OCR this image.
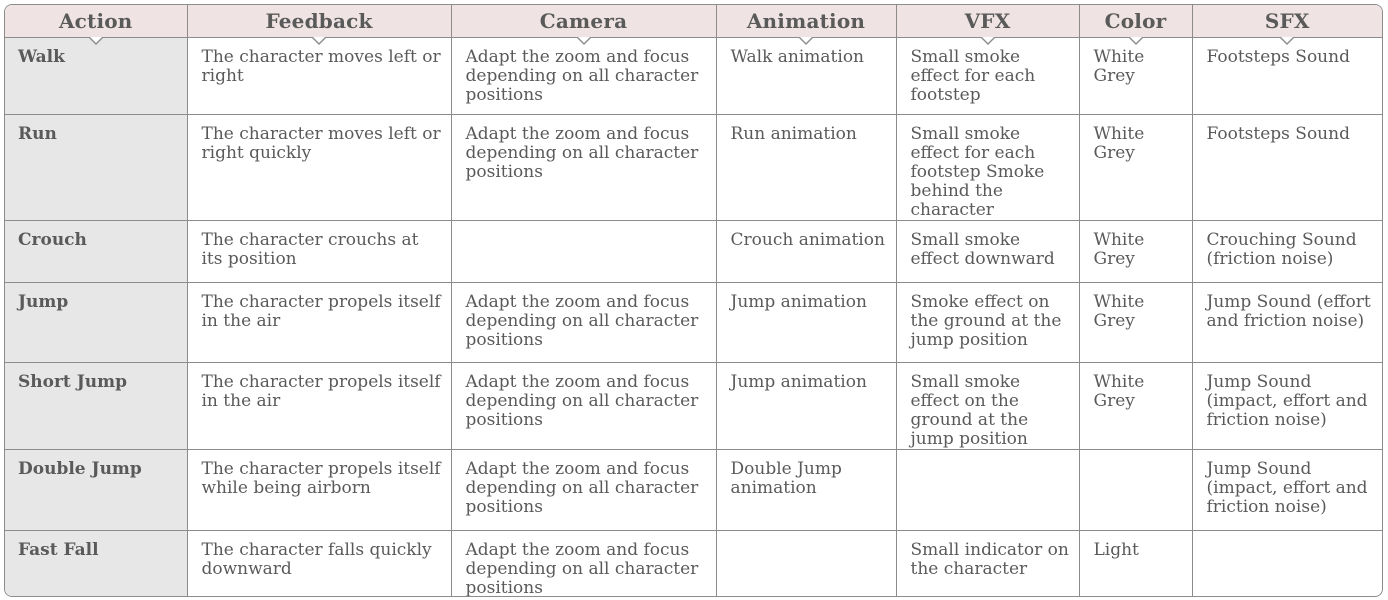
Action	Feedback	Camera	Animation	VFX	Color	SFX
Walk	The character moves left or right	Adapt the zoom and focus depending on all character positions	Walk animation	Small smoke effect for each footstep	White Grey	Footsteps Sound
Run	The character moves left or right quickly	Adapt the zoom and focus depending on all character positions	Run animation	Small smoke effect for each footstep Smoke behind the character	White Grey	Footsteps Sound
Crouch	The character crouchs at its position		Crouch animation	Small smoke effect downward	White Grey	Crouching Sound (friction noise)
Jump	The character propels itself in the air	Adapt the zoom and focus depending on all character positions	Jump animation	Smoke effect on the ground at the jump position	White Grey	Jump Sound (effort and friction noise)
Short Jump	The character propels itself in the air	Adapt the zoom and focus depending on all character positions	Jump animation	Small smoke effect on the ground at the jump position	White Grey	Jump Sound (impact, effort and friction noise)
Double Jump	The character propels itself while being airborn	Adapt the zoom and focus depending on all character positions	Double Jump animation			Jump Sound (impact, effort and friction noise)
Fast Fall	The character falls quickly downward	Adapt the zoom and focus depending on all character positions		Small indicator on the character	Light	
